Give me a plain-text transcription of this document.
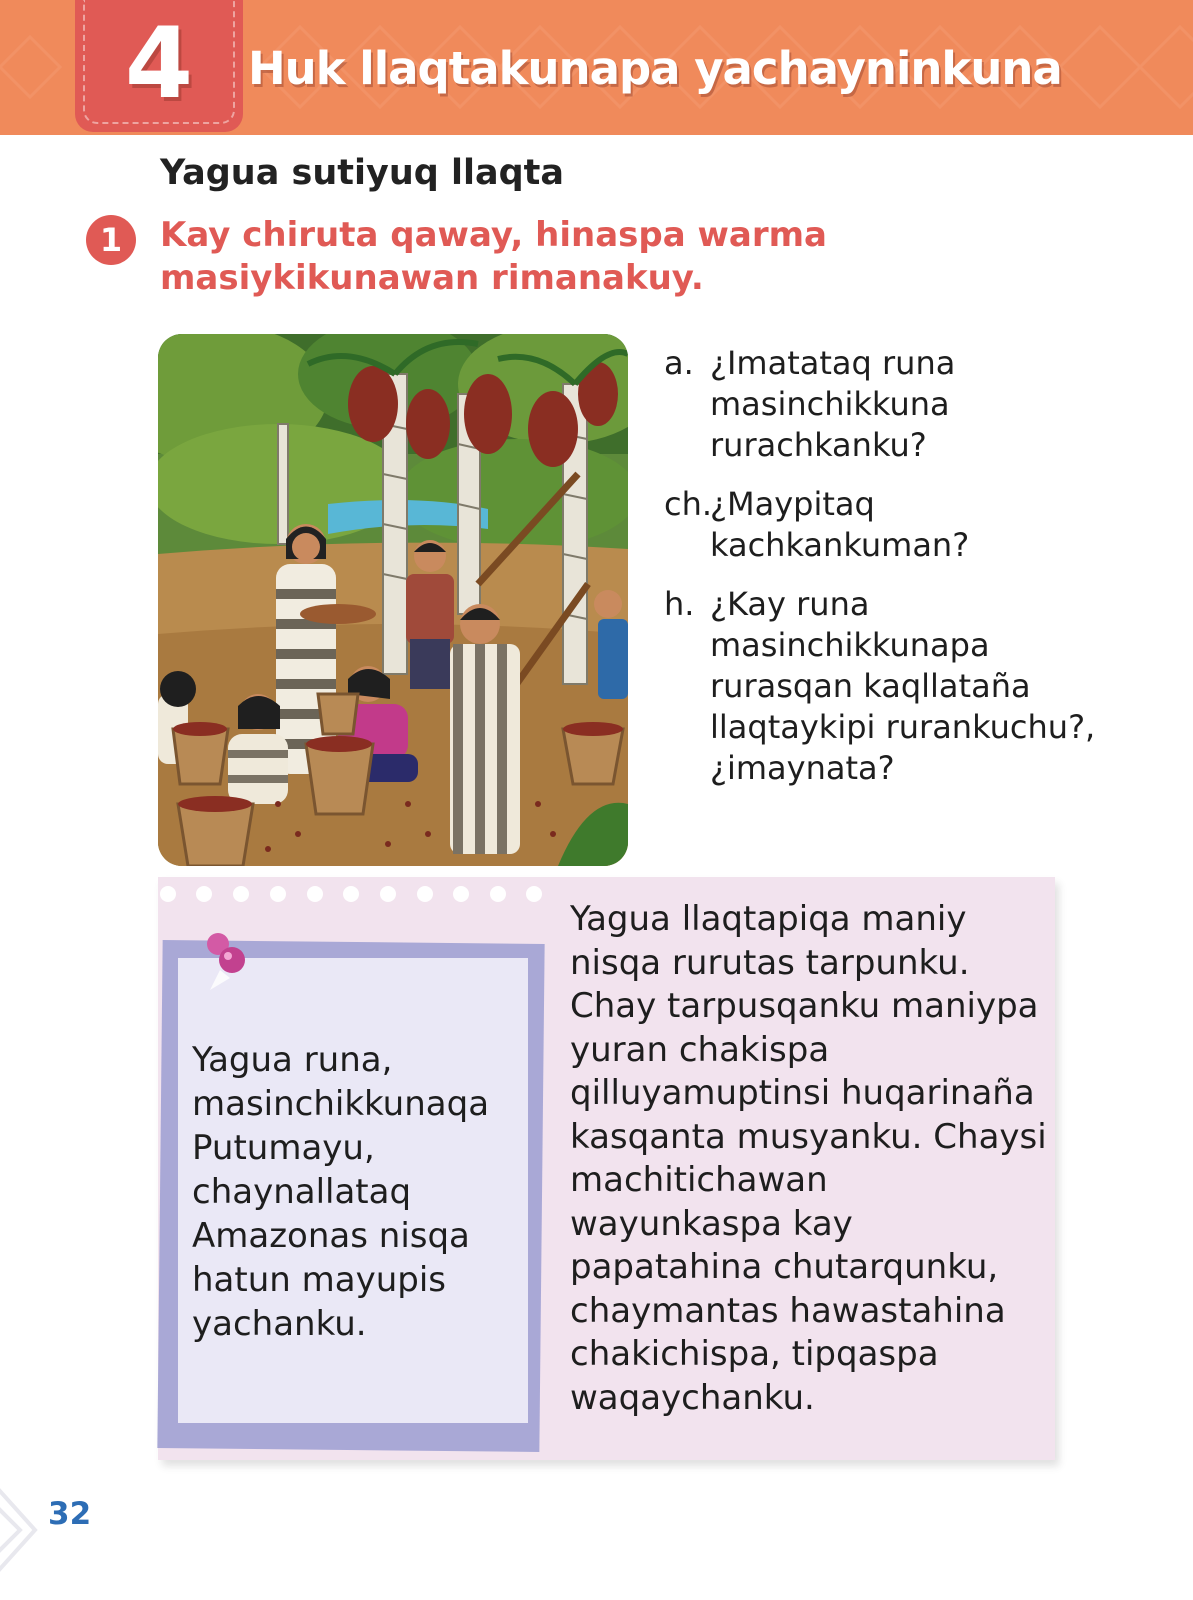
4	Huk llaqtakunapa yachayninkuna
Yagua sutiyuq llaqta
1	Kay chiruta qaway, hinaspa warma masiykikunawan rimanakuy.
a. ¿Imatataq runa masinchikkuna rurachkanku?
ch.
¿Maypitaq kachkankuman?
h. ¿Kay runa masinchikkunapa rurasqan kaqllataña llaqtaykipi rurankuchu?, ¿imaynata?
Yagua runa, masinchikkunaqa Putumayu, chaynallataq Amazonas nisqa hatun mayupis yachanku.
Yagua llaqtapiqa maniy nisqa rurutas tarpunku. Chay tarpusqanku maniypa yuran chakispa qilluyamuptinsi huqarinaña kasqanta musyanku. Chaysi machitichawan wayunkaspa kay papatahina chutarqunku, chaymantas hawastahina chakichispa, tipqaspa waqaychanku.
32
